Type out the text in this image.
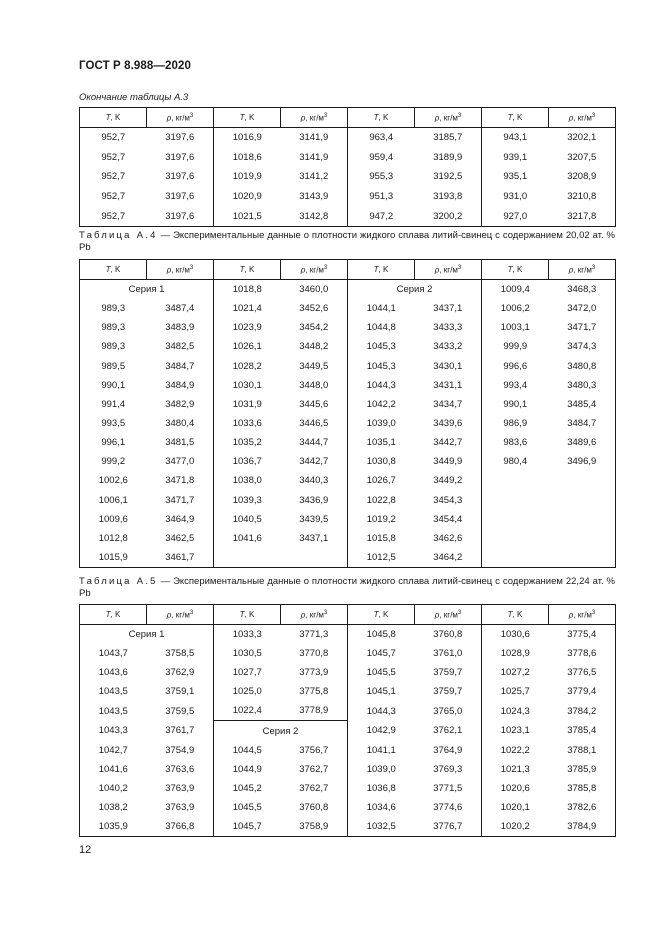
ГОСТ Р 8.988—2020
Окончание таблицы А.3
T, K	ρ, $кг/м^3$	T, K	ρ, $кг/м^3$	T, K	ρ, $кг/м^3$	T, K	ρ, $кг/м^3$
952,7	3197,6	1016,9	3141,9	963,4	3185,7	943,1	3202,1
952,7	3197,6	1018,6	3141,9	959,4	3189,9	939,1	3207,5
952,7	3197,6	1019,9	3141,2	955,3	3192,5	935,1	3208,9
952,7	3197,6	1020,9	3143,9	951,3	3193,8	931,0	3210,8
952,7	3197,6	1021,5	3142,8	947,2	3200,2	927,0	3217,8
Таблица А.4 — Экспериментальные данные о плотности жидкого сплава литий-свинец с содержанием 20,02 ат. % Pb
T, K	ρ, $кг/м^3$	T, K	ρ, $кг/м^3$	T, K	ρ, $кг/м^3$	T, K	ρ, $кг/м^3$
Серия 1		1018,8	3460,0	Серия 2		1009,4	3468,3
989,3	3487,4	1021,4	3452,6	1044,1	3437,1	1006,2	3472,0
989,3	3483,9	1023,9	3454,2	1044,8	3433,3	1003,1	3471,7
989,3	3482,5	1026,1	3448,2	1045,3	3433,2	999,9	3474,3
989,5	3484,7	1028,2	3449,5	1045,3	3430,1	996,6	3480,8
990,1	3484,9	1030,1	3448,0	1044,3	3431,1	993,4	3480,3
991,4	3482,9	1031,9	3445,6	1042,2	3434,7	990,1	3485,4
993,5	3480,4	1033,6	3446,5	1039,0	3439,6	986,9	3484,7
996,1	3481,5	1035,2	3444,7	1035,1	3442,7	983,6	3489,6
999,2	3477,0	1036,7	3442,7	1030,8	3449,9	980,4	3496,9
1002,6	3471,8	1038,0	3440,3	1026,7	3449,2		
1006,1	3471,7	1039,3	3436,9	1022,8	3454,3		
1009,6	3464,9	1040,5	3439,5	1019,2	3454,4		
1012,8	3462,5	1041,6	3437,1	1015,8	3462,6		
1015,9	3461,7			1012,5	3464,2		
Таблица А.5 — Экспериментальные данные о плотности жидкого сплава литий-свинец с содержанием 22,24 ат. % Pb
T, K	ρ, $кг/м^3$	T, K	ρ, $кг/м^3$	T, K	ρ, $кг/м^3$	T, K	ρ, $кг/м^3$
Серия 1		1033,3	3771,3	1045,8	3760,8	1030,6	3775,4
1043,7	3758,5	1030,5	3770,8	1045,7	3761,0	1028,9	3778,6
1043,6	3762,9	1027,7	3773,9	1045,5	3759,7	1027,2	3776,5
1043,5	3759,1	1025,0	3775,8	1045,1	3759,7	1025,7	3779,4
1043,5	3759,5	1022,4	3778,9	1044,3	3765,0	1024,3	3784,2
1043,3	3761,7	Серия 2		1042,9	3762,1	1023,1	3785,4
1042,7	3754,9	1044,5	3756,7	1041,1	3764,9	1022,2	3788,1
1041,6	3763,6	1044,9	3762,7	1039,0	3769,3	1021,3	3785,9
1040,2	3763,9	1045,2	3762,7	1036,8	3771,5	1020,6	3785,8
1038,2	3763,9	1045,5	3760,8	1034,6	3774,6	1020,1	3782,6
1035,9	3766,8	1045,7	3758,9	1032,5	3776,7	1020,2	3784,9
12
